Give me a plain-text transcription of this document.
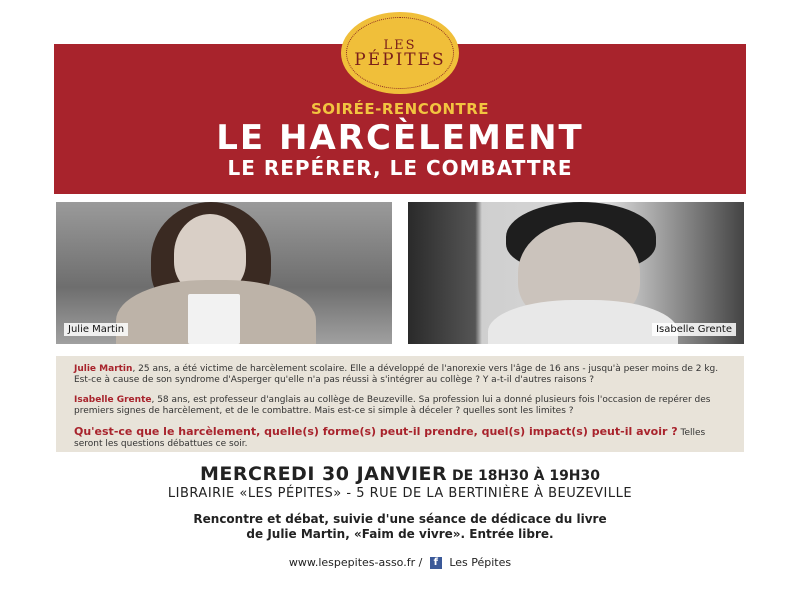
LES
PÉPITES
SOIRÉE-RENCONTRE
LE HARCÈLEMENT
LE REPÉRER, LE COMBATTRE
Julie Martin	Isabelle Grente

Julie Martin, 25 ans, a été victime de harcèlement scolaire. Elle a développé de l'anorexie vers l'âge de 16 ans - jusqu'à peser moins de 2 kg. Est-ce à cause de son syndrome d'Asperger qu'elle n'a pas réussi à s'intégrer au collège ? Y a-t-il d'autres raisons ?

Isabelle Grente, 58 ans, est professeur d'anglais au collège de Beuzeville. Sa profession lui a donné plusieurs fois l'occasion de repérer des premiers signes de harcèlement, et de le combattre. Mais est-ce si simple à déceler ? quelles sont les limites ?

Qu'est-ce que le harcèlement, quelle(s) forme(s) peut-il prendre, quel(s) impact(s) peut-il avoir ? Telles seront les questions débattues ce soir.

MERCREDI 30 JANVIER DE 18H30 À 19H30
LIBRAIRIE «LES PÉPITES» - 5 RUE DE LA BERTINIÈRE À BEUZEVILLE
Rencontre et débat, suivie d'une séance de dédicace du livre
de Julie Martin, «Faim de vivre». Entrée libre.
www.lespepites-asso.fr / f Les Pépites
